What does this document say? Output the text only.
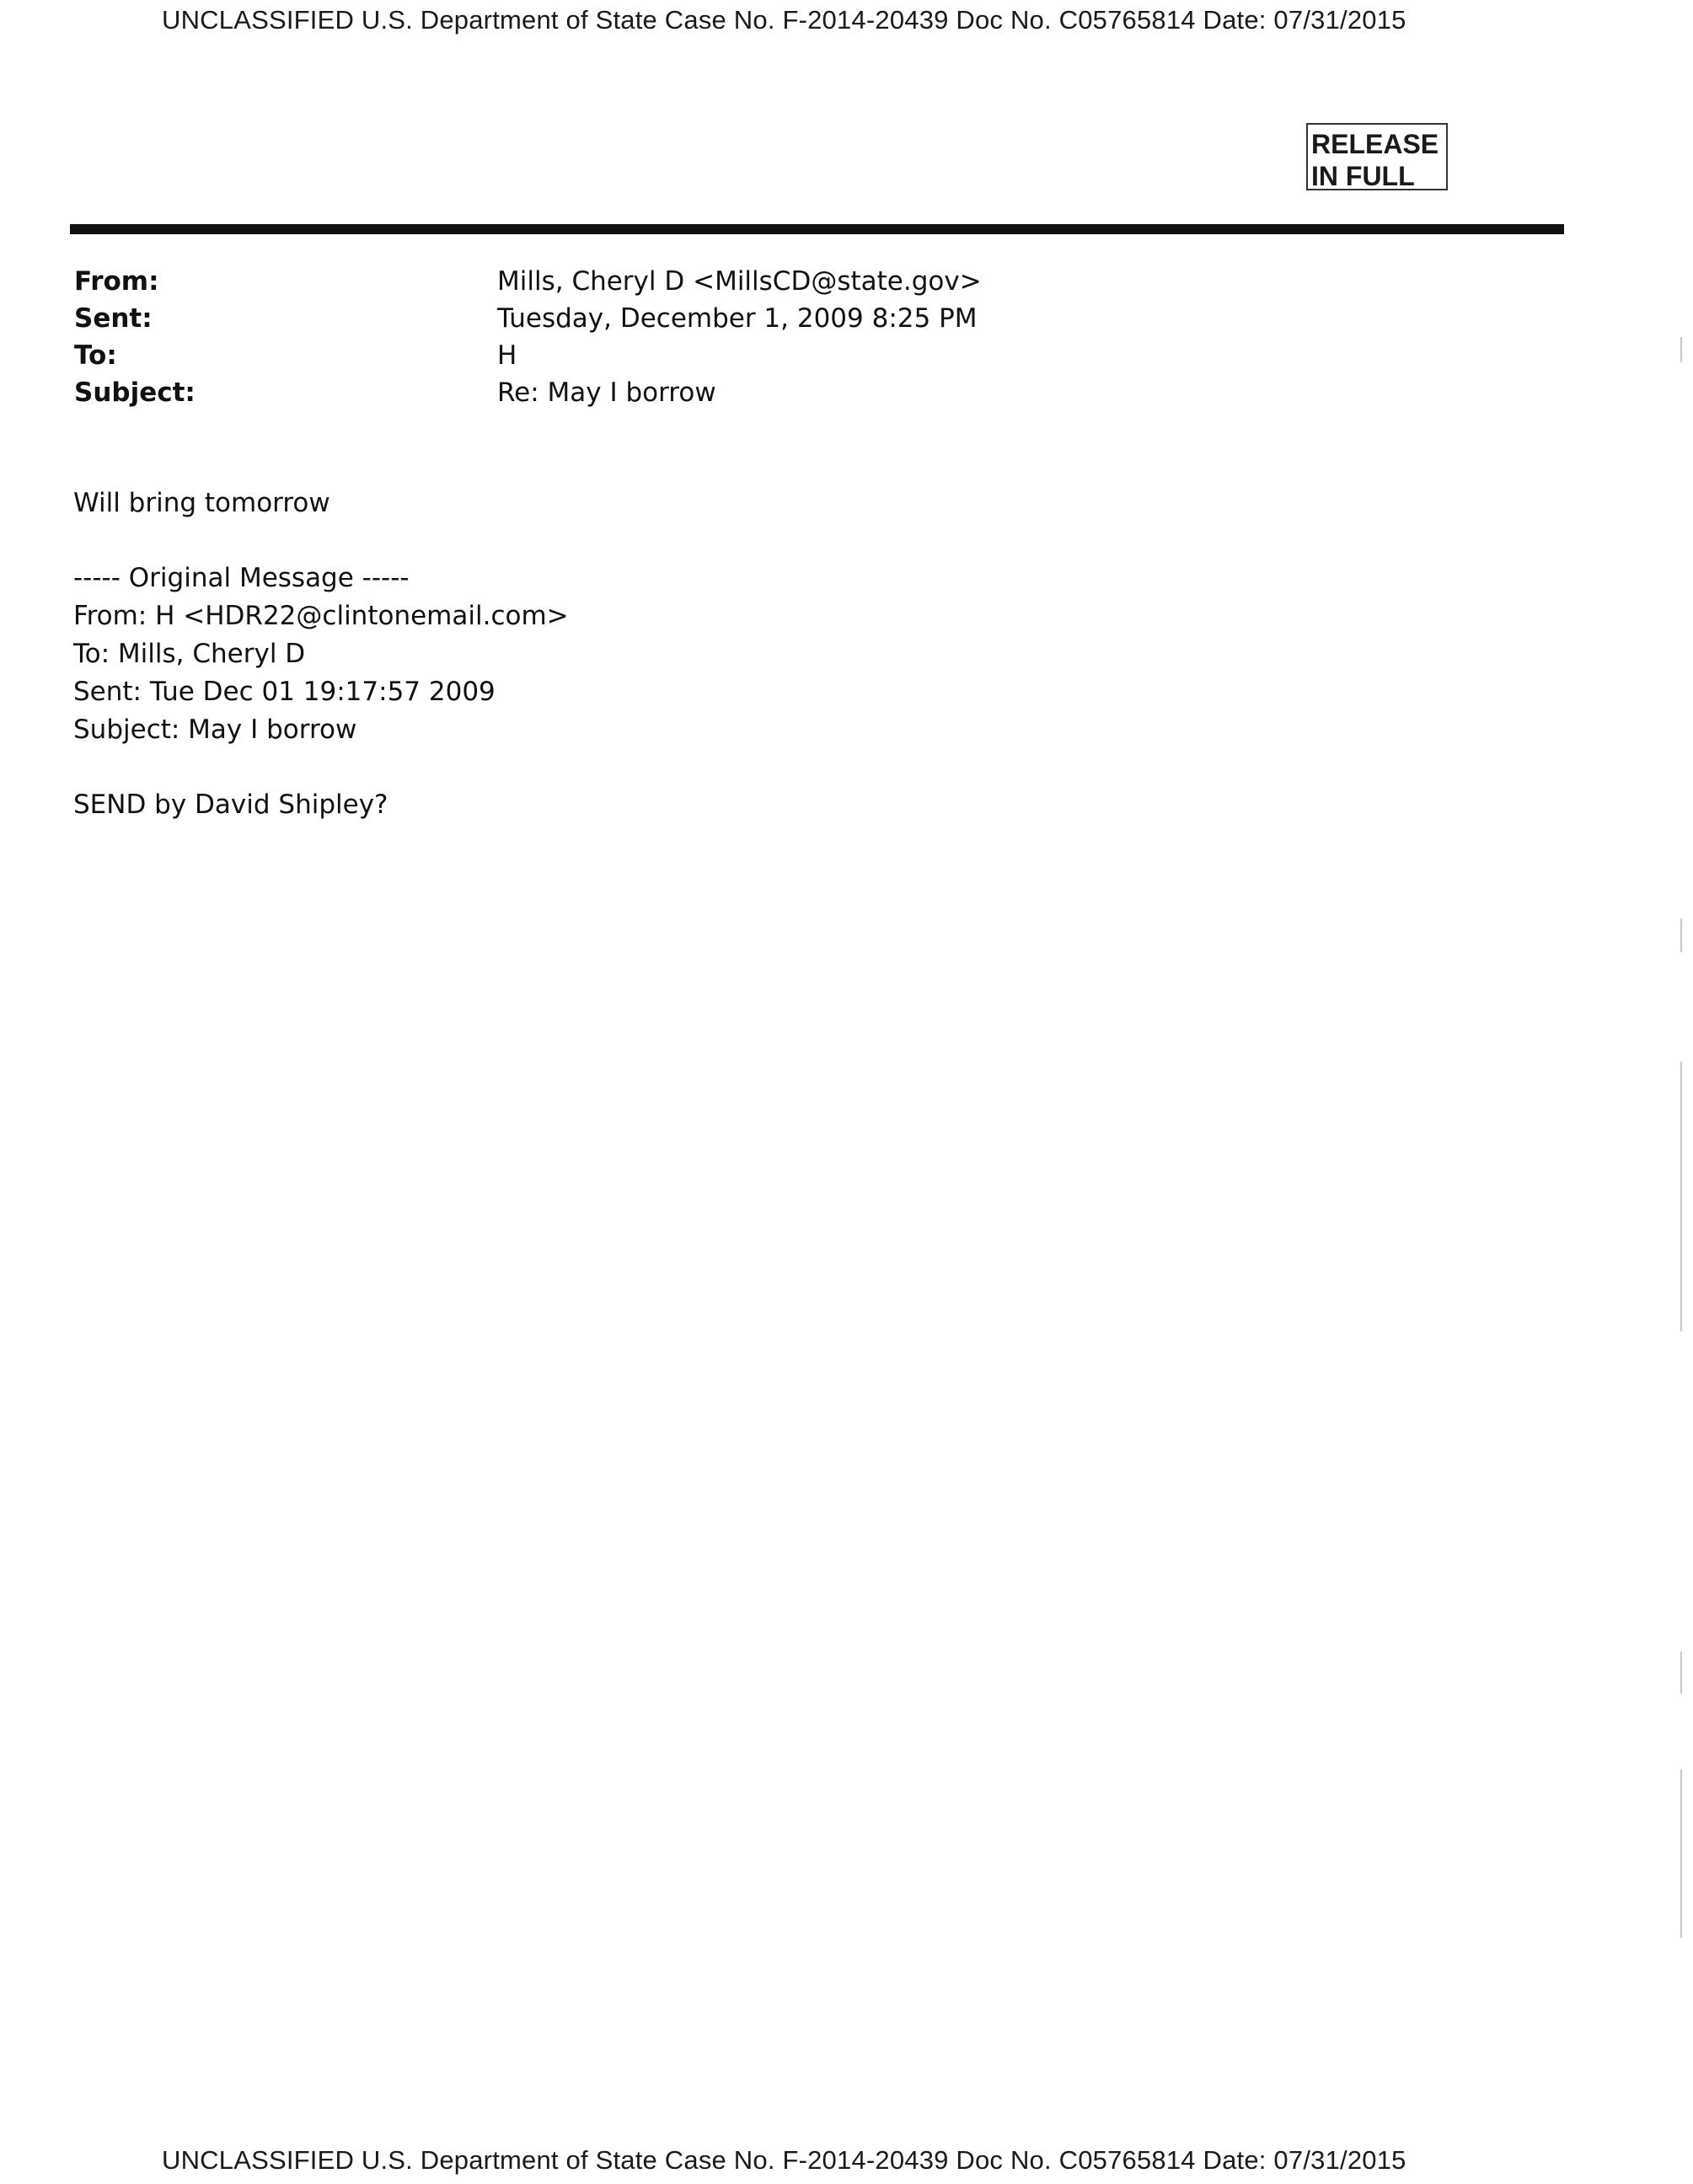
UNCLASSIFIED U.S. Department of State Case No. F-2014-20439 Doc No. C05765814 Date: 07/31/2015
RELEASE
IN FULL
From:	Mills, Cheryl D <MillsCD@state.gov>
Sent:	Tuesday, December 1, 2009 8:25 PM
To:	H
Subject:	Re: May I borrow
Will bring tomorrow
----- Original Message -----
From: H <HDR22@clintonemail.com>
To: Mills, Cheryl D
Sent: Tue Dec 01 19:17:57 2009
Subject: May I borrow
SEND by David Shipley?
UNCLASSIFIED U.S. Department of State Case No. F-2014-20439 Doc No. C05765814 Date: 07/31/2015
